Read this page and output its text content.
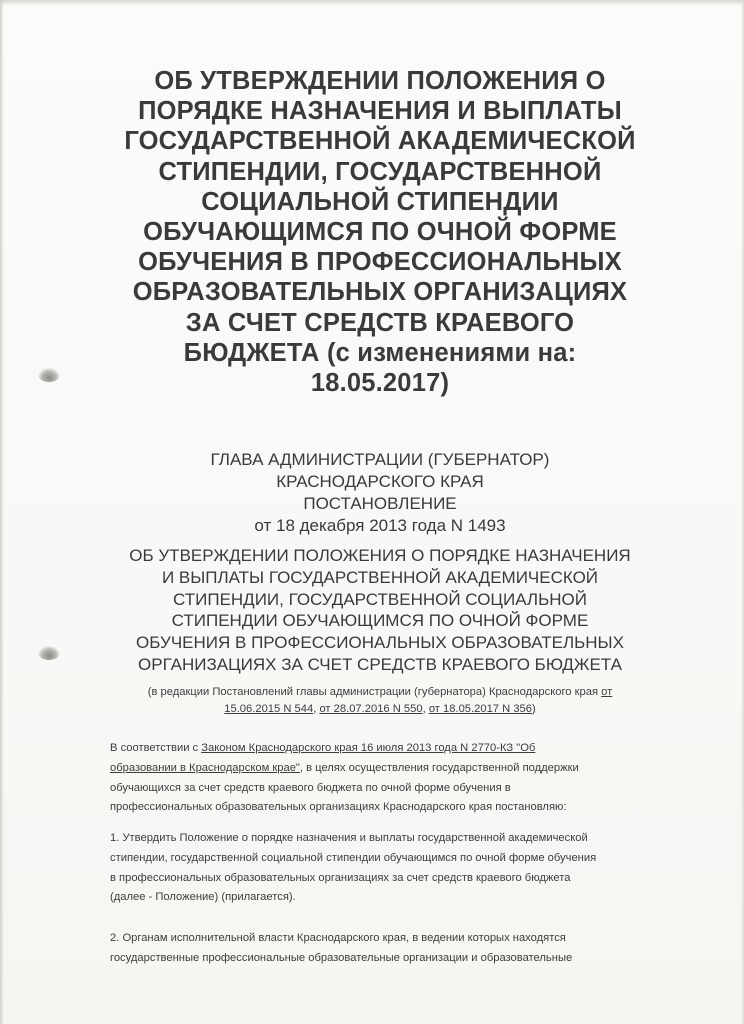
ОБ УТВЕРЖДЕНИИ ПОЛОЖЕНИЯ О
ПОРЯДКЕ НАЗНАЧЕНИЯ И ВЫПЛАТЫ
ГОСУДАРСТВЕННОЙ АКАДЕМИЧЕСКОЙ
СТИПЕНДИИ, ГОСУДАРСТВЕННОЙ
СОЦИАЛЬНОЙ СТИПЕНДИИ
ОБУЧАЮЩИМСЯ ПО ОЧНОЙ ФОРМЕ
ОБУЧЕНИЯ В ПРОФЕССИОНАЛЬНЫХ
ОБРАЗОВАТЕЛЬНЫХ ОРГАНИЗАЦИЯХ
ЗА СЧЕТ СРЕДСТВ КРАЕВОГО
БЮДЖЕТА (с изменениями на:
18.05.2017)
ГЛАВА АДМИНИСТРАЦИИ (ГУБЕРНАТОР)
КРАСНОДАРСКОГО КРАЯ
ПОСТАНОВЛЕНИЕ
от 18 декабря 2013 года N 1493
ОБ УТВЕРЖДЕНИИ ПОЛОЖЕНИЯ О ПОРЯДКЕ НАЗНАЧЕНИЯ
И ВЫПЛАТЫ ГОСУДАРСТВЕННОЙ АКАДЕМИЧЕСКОЙ
СТИПЕНДИИ, ГОСУДАРСТВЕННОЙ СОЦИАЛЬНОЙ
СТИПЕНДИИ ОБУЧАЮЩИМСЯ ПО ОЧНОЙ ФОРМЕ
ОБУЧЕНИЯ В ПРОФЕССИОНАЛЬНЫХ ОБРАЗОВАТЕЛЬНЫХ
ОРГАНИЗАЦИЯХ ЗА СЧЕТ СРЕДСТВ КРАЕВОГО БЮДЖЕТА
(в редакции Постановлений главы администрации (губернатора) Краснодарского края от
15.06.2015 N 544, от 28.07.2016 N 550, от 18.05.2017 N 356)

В соответствии с Законом Краснодарского края 16 июля 2013 года N 2770-КЗ "Об
образовании в Краснодарском крае", в целях осуществления государственной поддержки
обучающихся за счет средств краевого бюджета по очной форме обучения в
профессиональных образовательных организациях Краснодарского края постановляю:

1. Утвердить Положение о порядке назначения и выплаты государственной академической
стипендии, государственной социальной стипендии обучающимся по очной форме обучения
в профессиональных образовательных организациях за счет средств краевого бюджета
(далее - Положение) (прилагается).

2. Органам исполнительной власти Краснодарского края, в ведении которых находятся
государственные профессиональные образовательные организации и образовательные
